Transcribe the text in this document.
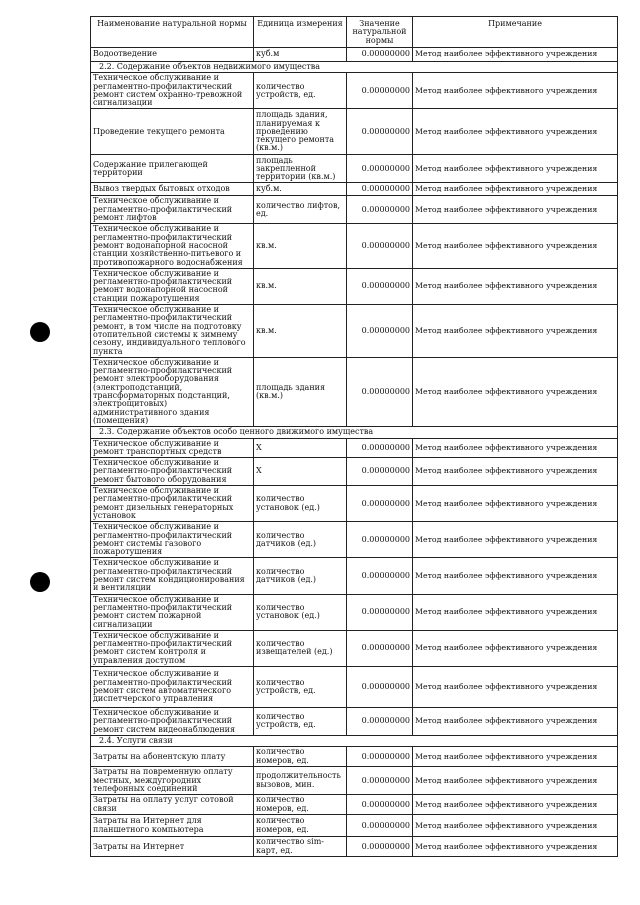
Наименование натуральной нормы	Единица измерения	Значение натуральной нормы	Примечание
Водоотведение	куб.м	0.00000000	Метод наиболее эффективного учреждения
2.2. Содержание объектов недвижимого имущества			
Техническое обслуживание и регламентно-профилактический ремонт систем охранно-тревожной сигнализации	количество устройств, ед.	0.00000000	Метод наиболее эффективного учреждения
Проведение текущего ремонта	площадь здания, планируемая к проведению текущего ремонта (кв.м.)	0.00000000	Метод наиболее эффективного учреждения
Содержание прилегающей территории	площадь закрепленной территории (кв.м.)	0.00000000	Метод наиболее эффективного учреждения
Вывоз твердых бытовых отходов	куб.м.	0.00000000	Метод наиболее эффективного учреждения
Техническое обслуживание и регламентно-профилактический ремонт лифтов	количество лифтов, ед.	0.00000000	Метод наиболее эффективного учреждения
Техническое обслуживание и регламентно-профилактический ремонт водонапорной насосной станции хозяйственно-питьевого и противопожарного водоснабжения	кв.м.	0.00000000	Метод наиболее эффективного учреждения
Техническое обслуживание и регламентно-профилактический ремонт водонапорной насосной станции пожаротушения	кв.м.	0.00000000	Метод наиболее эффективного учреждения
Техническое обслуживание и регламентно-профилактический ремонт, в том числе на подготовку отопительной системы к зимнему сезону, индивидуального теплового пункта	кв.м.	0.00000000	Метод наиболее эффективного учреждения
Техническое обслуживание и регламентно-профилактический ремонт электрооборудования (электроподстанций, трансформаторных подстанций, электрощитовых) административного здания (помещения)	площадь здания (кв.м.)	0.00000000	Метод наиболее эффективного учреждения
2.3. Содержание объектов особо ценного движимого имущества			
Техническое обслуживание и ремонт транспортных средств	X	0.00000000	Метод наиболее эффективного учреждения
Техническое обслуживание и регламентно-профилактический ремонт бытового оборудования	X	0.00000000	Метод наиболее эффективного учреждения
Техническое обслуживание и регламентно-профилактический ремонт дизельных генераторных установок	количество установок (ед.)	0.00000000	Метод наиболее эффективного учреждения
Техническое обслуживание и регламентно-профилактический ремонт системы газового пожаротушения	количество датчиков (ед.)	0.00000000	Метод наиболее эффективного учреждения
Техническое обслуживание и регламентно-профилактический ремонт систем кондиционирования и вентиляции	количество датчиков (ед.)	0.00000000	Метод наиболее эффективного учреждения
Техническое обслуживание и регламентно-профилактический ремонт систем пожарной сигнализации	количество установок (ед.)	0.00000000	Метод наиболее эффективного учреждения
Техническое обслуживание и регламентно-профилактический ремонт систем контроля и управления доступом	количество извещателей (ед.)	0.00000000	Метод наиболее эффективного учреждения
Техническое обслуживание и регламентно-профилактический ремонт систем автоматического диспетчерского управления	количество устройств, ед.	0.00000000	Метод наиболее эффективного учреждения
Техническое обслуживание и регламентно-профилактический ремонт систем видеонаблюдения	количество устройств, ед.	0.00000000	Метод наиболее эффективного учреждения
2.4. Услуги связи			
Затраты на абонентскую плату	количество номеров, ед.	0.00000000	Метод наиболее эффективного учреждения
Затраты на повременную оплату местных, междугородних телефонных соединений	продолжительность вызовов, мин.	0.00000000	Метод наиболее эффективного учреждения
Затраты на оплату услуг сотовой связи	количество номеров, ед.	0.00000000	Метод наиболее эффективного учреждения
Затраты на Интернет для планшетного компьютера	количество номеров, ед.	0.00000000	Метод наиболее эффективного учреждения
Затраты на Интернет	количество sim-карт, ед.	0.00000000	Метод наиболее эффективного учреждения
